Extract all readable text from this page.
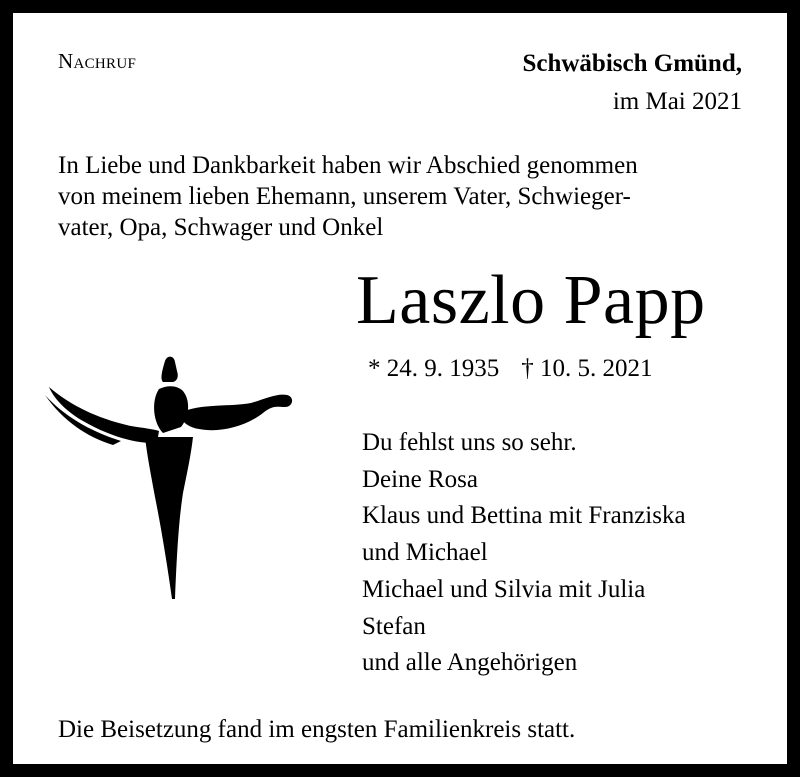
Nachruf	Schwäbisch Gmünd,
im Mai 2021
In Liebe und Dankbarkeit haben wir Abschied genommen
von meinem lieben Ehemann, unserem Vater, Schwieger-
vater, Opa, Schwager und Onkel
Laszlo Papp
* 24. 9. 1935 † 10. 5. 2021
Du fehlst uns so sehr.
Deine Rosa
Klaus und Bettina mit Franziska
und Michael
Michael und Silvia mit Julia
Stefan
und alle Angehörigen
Die Beisetzung fand im engsten Familienkreis statt.
